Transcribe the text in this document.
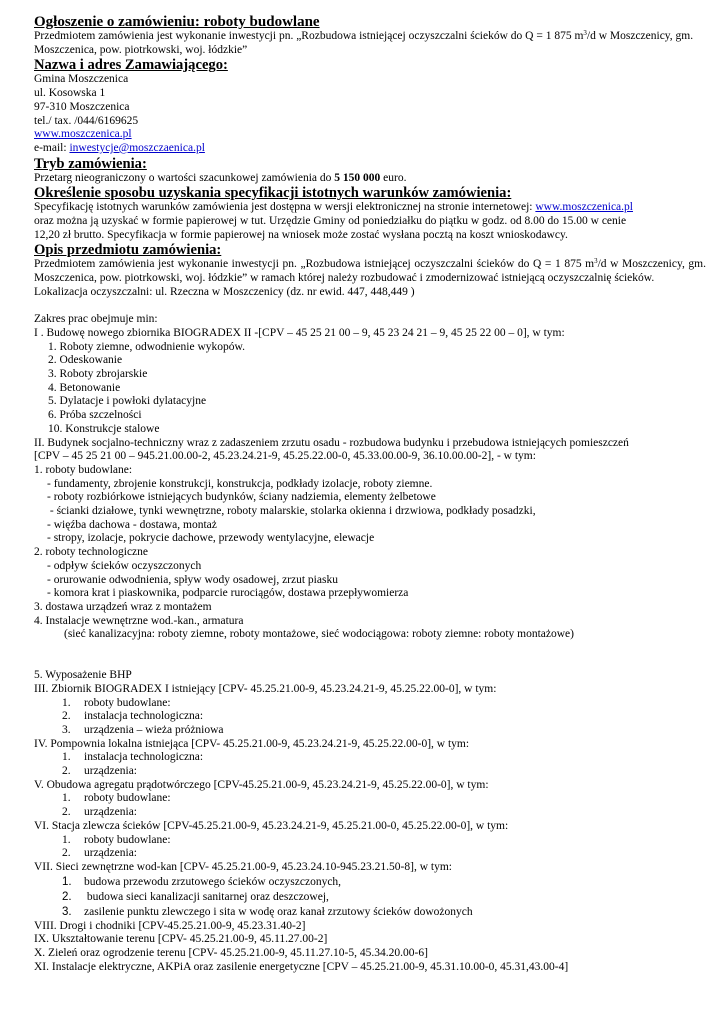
Ogłoszenie o zamówieniu: roboty budowlane

Przedmiotem zamówienia jest wykonanie inwestycji pn. „Rozbudowa istniejącej oczyszczalni ścieków do Q = 1 875 $m^3/d$ w Moszczenicy, gm. Moszczenica, pow. piotrkowski, woj. łódzkie”

Nazwa i adres Zamawiającego:
Gmina Moszczenica
ul. Kosowska 1
97-310 Moszczenica
tel./ tax. /044/6169625
www.moszczenica.pl
e-mail: inwestycje@moszczaenica.pl
Tryb zamówienia:
Przetarg nieograniczony o wartości szacunkowej zamówienia do 5 150 000 euro.
Określenie sposobu uzyskania specyfikacji istotnych warunków zamówienia:
Specyfikację istotnych warunków zamówienia jest dostępna w wersji elektronicznej na stronie internetowej: www.moszczenica.pl
oraz można ją uzyskać w formie papierowej w tut. Urzędzie Gminy od poniedziałku do piątku w godz. od 8.00 do 15.00 w cenie
12,20 zł brutto. Specyfikacja w formie papierowej na wniosek może zostać wysłana pocztą na koszt wnioskodawcy.
Opis przedmiotu zamówienia:

Przedmiotem zamówienia jest wykonanie inwestycji pn. „Rozbudowa istniejącej oczyszczalni ścieków do Q = 1 875 $m^3/d$ w Moszczenicy, gm. Moszczenica, pow. piotrkowski, woj. łódzkie” w ramach której należy rozbudować i zmodernizować istniejącą oczyszczalnię ścieków.

Lokalizacja oczyszczalni: ul. Rzeczna w Moszczenicy (dz. nr ewid. 447, 448,449 )
Zakres prac obejmuje min:
I . Budowę nowego zbiornika BIOGRADEX II -[CPV – 45 25 21 00 – 9, 45 23 24 21 – 9, 45 25 22 00 – 0], w tym:
1. Roboty ziemne, odwodnienie wykopów.
2. Odeskowanie
3. Roboty zbrojarskie
4. Betonowanie
5. Dylatacje i powłoki dylatacyjne
6. Próba szczelności
10. Konstrukcje stalowe
II. Budynek socjalno-techniczny wraz z zadaszeniem zrzutu osadu - rozbudowa budynku i przebudowa istniejących pomieszczeń
[CPV – 45 25 21 00 – 945.21.00.00-2, 45.23.24.21-9, 45.25.22.00-0, 45.33.00.00-9, 36.10.00.00-2], - w tym:
1. roboty budowlane:
- fundamenty, zbrojenie konstrukcji, konstrukcja, podkłady izolacje, roboty ziemne.
- roboty rozbiórkowe istniejących budynków, ściany nadziemia, elementy żelbetowe
- ścianki działowe, tynki wewnętrzne, roboty malarskie, stolarka okienna i drzwiowa, podkłady posadzki,
- więźba dachowa - dostawa, montaż
- stropy, izolacje, pokrycie dachowe, przewody wentylacyjne, elewacje
2. roboty technologiczne
- odpływ ścieków oczyszczonych
- orurowanie odwodnienia, spływ wody osadowej, zrzut piasku
- komora krat i piaskownika, podparcie rurociągów, dostawa przepływomierza
3. dostawa urządzeń wraz z montażem
4. Instalacje wewnętrzne wod.-kan., armatura
(sieć kanalizacyjna: roboty ziemne, roboty montażowe, sieć wodociągowa: roboty ziemne: roboty montażowe)
5. Wyposażenie BHP
III. Zbiornik BIOGRADEX I istniejący [CPV- 45.25.21.00-9, 45.23.24.21-9, 45.25.22.00-0], w tym:
1. roboty budowlane:
2. instalacja technologiczna:
3. urządzenia – wieża próżniowa
IV. Pompownia lokalna istniejąca [CPV- 45.25.21.00-9, 45.23.24.21-9, 45.25.22.00-0], w tym:
1. instalacja technologiczna:
2. urządzenia:
V. Obudowa agregatu prądotwórczego [CPV-45.25.21.00-9, 45.23.24.21-9, 45.25.22.00-0], w tym:
1. roboty budowlane:
2. urządzenia:
VI. Stacja zlewcza ścieków [CPV-45.25.21.00-9, 45.23.24.21-9, 45.25.21.00-0, 45.25.22.00-0], w tym:
1. roboty budowlane:
2. urządzenia:
VII. Sieci zewnętrzne wod-kan [CPV- 45.25.21.00-9, 45.23.24.10-945.23.21.50-8], w tym:
1. budowa przewodu zrzutowego ścieków oczyszczonych,
2. budowa sieci kanalizacji sanitarnej oraz deszczowej,
3. zasilenie punktu zlewczego i sita w wodę oraz kanał zrzutowy ścieków dowożonych
VIII. Drogi i chodniki [CPV-45.25.21.00-9, 45.23.31.40-2]
IX. Ukształtowanie terenu [CPV- 45.25.21.00-9, 45.11.27.00-2]
X. Zieleń oraz ogrodzenie terenu [CPV- 45.25.21.00-9, 45.11.27.10-5, 45.34.20.00-6]
XI. Instalacje elektryczne, AKPiA oraz zasilenie energetyczne [CPV – 45.25.21.00-9, 45.31.10.00-0, 45.31,43.00-4]
